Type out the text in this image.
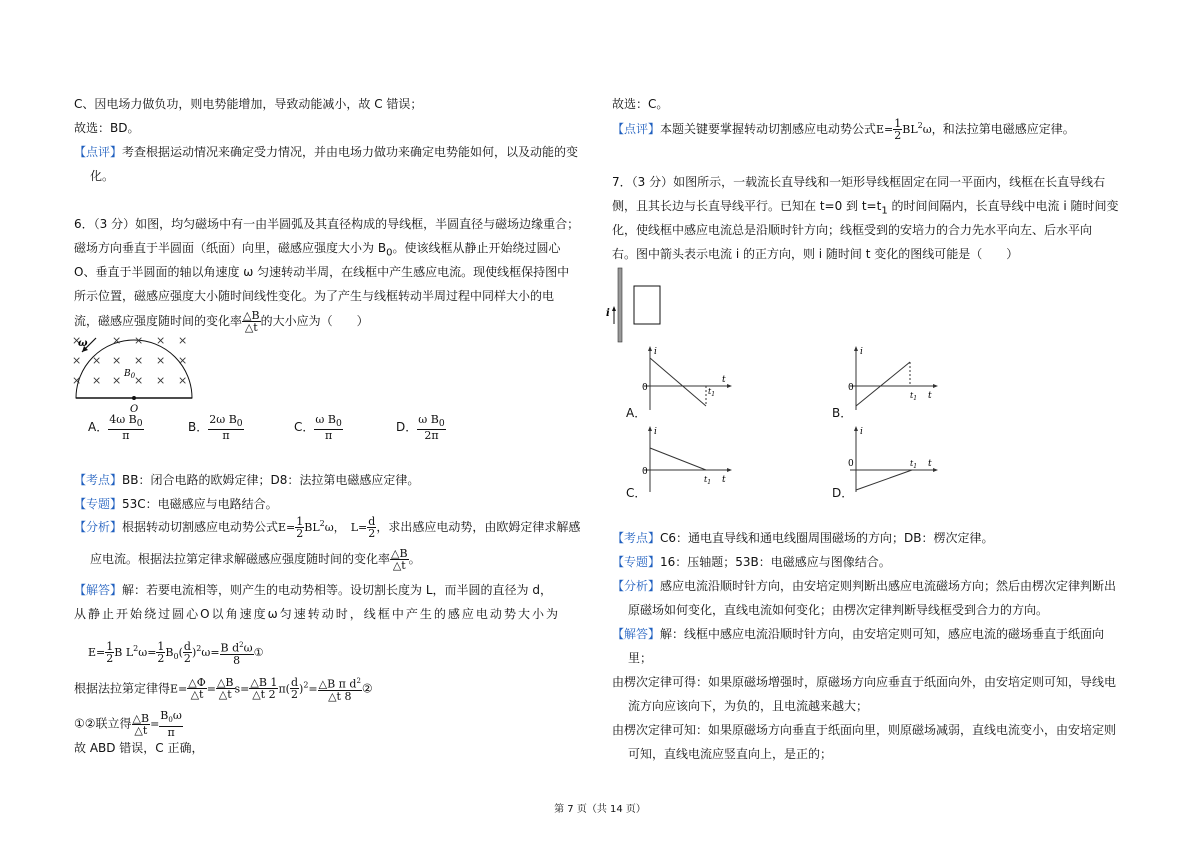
C、因电场力做负功，则电势能增加，导致动能减小，故 C 错误；
故选：BD。
【点评】考查根据运动情况来确定受力情况，并由电场力做功来确定电势能如何，以及动能的变
化。
6．（3 分）如图，均匀磁场中有一由半圆弧及其直径构成的导线框，半圆直径与磁场边缘重合；
磁场方向垂直于半圆面（纸面）向里，磁感应强度大小为 $B_0$。使该线框从静止开始绕过圆心
O、垂直于半圆面的轴以角速度 ω 匀速转动半周，在线框中产生感应电流。现使线框保持图中
所示位置，磁感应强度大小随时间线性变化。为了产生与线框转动半周过程中同样大小的电
流，磁感应强度随时间的变化率 $\frac{\triangle B}{\triangle t}$ 的大小应为（　　）
×	× × × ×
× × × × × ×
× × × × × ×
ω
$B_0$
O
A． $\frac{4\omega B_0}{\pi}$	B． $\frac{2\omega B_0}{\pi}$	C． $\frac{\omega B_0}{\pi}$	D． $\frac{\omega B_0}{2\pi}$
【考点】BB：闭合电路的欧姆定律；D8：法拉第电磁感应定律。
【专题】53C：电磁感应与电路结合。
【分析】根据转动切割感应电动势公式$E= \frac{1}{2} BL^2\omega$， $L= \frac{d}{2}$ ，求出感应电动势，由欧姆定律求解感
应电流。根据法拉第定律求解磁感应强度随时间的变化率 $\frac{\triangle B}{\triangle t}$ 。
【解答】解：若要电流相等，则产生的电动势相等。设切割长度为 L，而半圆的直径为 d，
从 静 止 开 始 绕 过 圆 心 O 以 角 速 度 ω 匀 速 转 动 时 ， 线 框 中 产 生 的 感 应 电 动 势 大 小 为
$E= \frac{1}{2}$ B $L^2\omega= \frac{1}{2} B_0( \frac{d}{2} )^2\omega= \frac{B d^2\omega}{8}$ ①
根据法拉第定律得$E= \frac{\triangle\Phi}{\triangle t} = \frac{\triangle B}{\triangle t} s= \frac{\triangle B 1}{\triangle t 2} \pi( \frac{d}{2} )^2= \frac{\triangle B \pi d^2}{\triangle t 8}$ ②
①②联立得 $\frac{\triangle B}{\triangle t} = \frac{B_0\omega}{\pi}$
故 ABD 错误，C 正确，
故选：C。
【点评】本题关键要掌握转动切割感应电动势公式$E= \frac{1}{2} BL^2\omega$，和法拉第电磁感应定律。
7．（3 分）如图所示，一载流长直导线和一矩形导线框固定在同一平面内，线框在长直导线右
侧，且其长边与长直导线平行。已知在 t=0 到 $t=t_1$ 的时间间隔内，长直导线中电流 i 随时间变
化，使线框中感应电流总是沿顺时针方向；线框受到的安培力的合力先水平向左、后水平向
右。图中箭头表示电流 i 的正方向，则 i 随时间 t 变化的图线可能是（　　）
i
i
0	$t_1$
t
A．
i
0
$t_1$ t
B．
i
0
$t_1$ t
C．
i
0	$t_1$ t
D．
【考点】C6：通电直导线和通电线圈周围磁场的方向；DB：楞次定律。
【专题】16：压轴题；53B：电磁感应与图像结合。
【分析】感应电流沿顺时针方向，由安培定则判断出感应电流磁场方向；然后由楞次定律判断出
原磁场如何变化，直线电流如何变化；由楞次定律判断导线框受到合力的方向。
【解答】解：线框中感应电流沿顺时针方向，由安培定则可知，感应电流的磁场垂直于纸面向
里；
由楞次定律可得：如果原磁场增强时，原磁场方向应垂直于纸面向外，由安培定则可知，导线电
流方向应该向下，为负的，且电流越来越大；
由楞次定律可知：如果原磁场方向垂直于纸面向里，则原磁场减弱，直线电流变小，由安培定则
可知，直线电流应竖直向上，是正的；
第 7 页（共 14 页）
